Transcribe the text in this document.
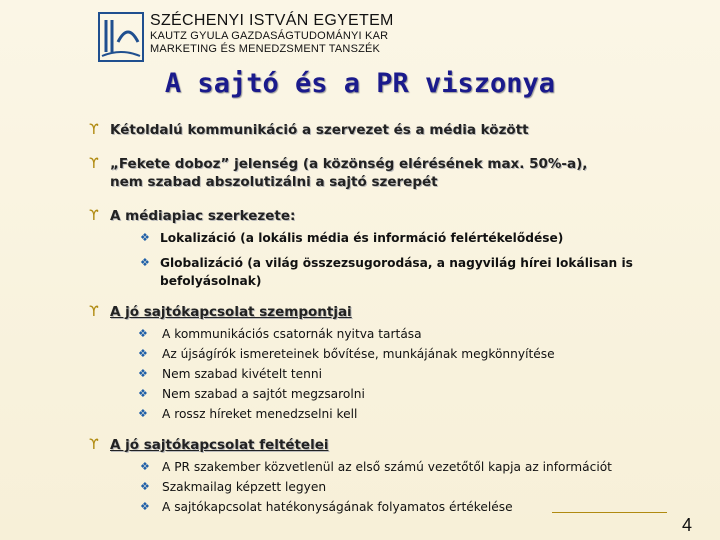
SZÉCHENYI ISTVÁN EGYETEM
KAUTZ GYULA GAZDASÁGTUDOMÁNYI KAR
MARKETING ÉS MENEDZSMENT TANSZÉK
A sajtó és a PR viszonya
ϒ Kétoldalú kommunikáció a szervezet és a média között
ϒ „Fekete doboz” jelenség (a közönség elérésének max. 50%-a),
nem szabad abszolutizálni a sajtó szerepét
ϒ A médiapiac szerkezete:
❖ Lokalizáció (a lokális média és információ felértékelődése)
❖ Globalizáció (a világ összezsugorodása, a nagyvilág hírei lokálisan is
befolyásolnak)
ϒ A jó sajtókapcsolat szempontjai
❖ A kommunikációs csatornák nyitva tartása
❖ Az újságírók ismereteinek bővítése, munkájának megkönnyítése
❖ Nem szabad kivételt tenni
❖ Nem szabad a sajtót megzsarolni
❖ A rossz híreket menedzselni kell
ϒ A jó sajtókapcsolat feltételei
❖ A PR szakember közvetlenül az első számú vezetőtől kapja az információt
❖ Szakmailag képzett legyen
❖ A sajtókapcsolat hatékonyságának folyamatos értékelése
4
